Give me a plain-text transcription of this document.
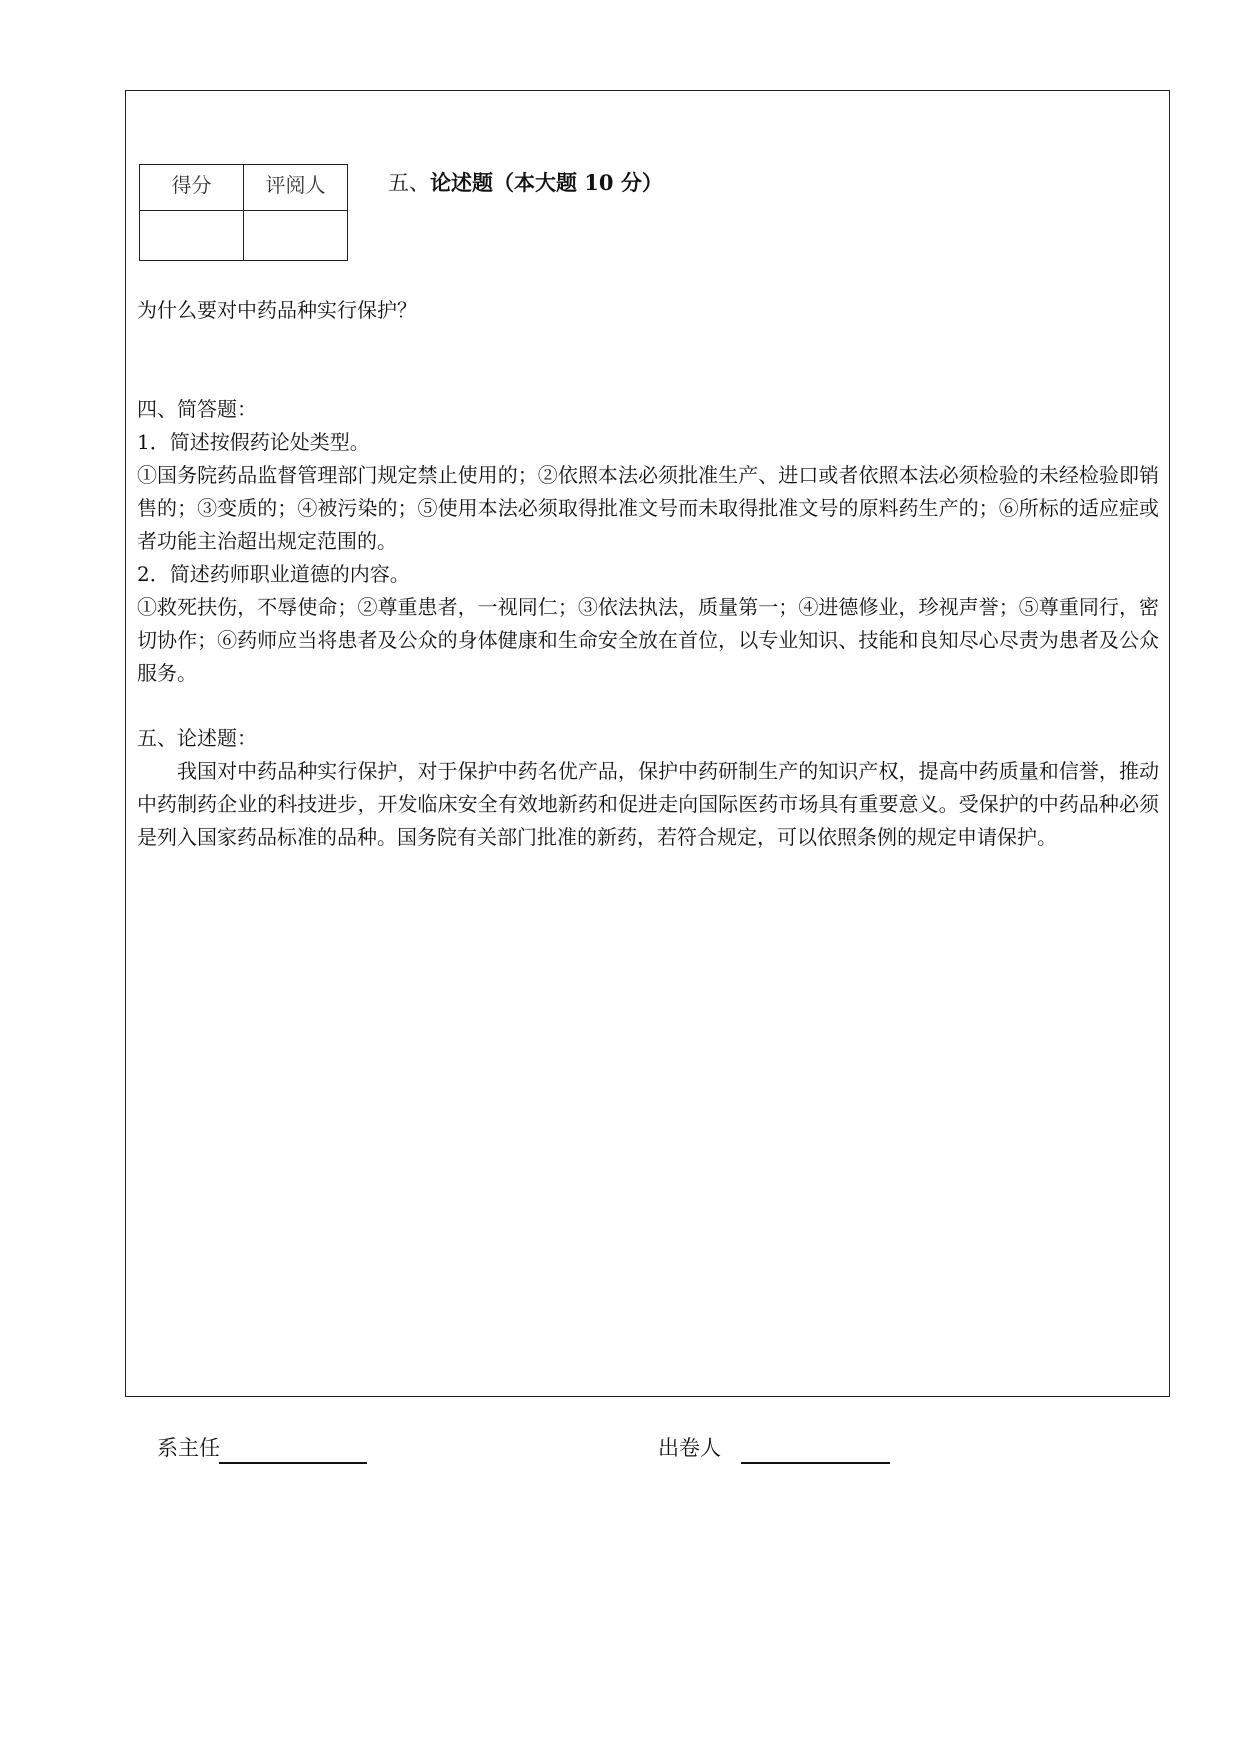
得分	评阅人
		五、论述题（本大题 10 分）
为什么要对中药品种实行保护？
四、简答题：
1．简述按假药论处类型。
①国务院药品监督管理部门规定禁止使用的；②依照本法必须批准生产、进口或者依照本法必须检验的未经检验即销售的；③变质的；④被污染的；⑤使用本法必须取得批准文号而未取得批准文号的原料药生产的；⑥所标的适应症或者功能主治超出规定范围的。
2．简述药师职业道德的内容。
①救死扶伤，不辱使命；②尊重患者，一视同仁；③依法执法，质量第一；④进德修业，珍视声誉；⑤尊重同行，密切协作；⑥药师应当将患者及公众的身体健康和生命安全放在首位，以专业知识、技能和良知尽心尽责为患者及公众服务。
五、论述题：
我国对中药品种实行保护，对于保护中药名优产品，保护中药研制生产的知识产权，提高中药质量和信誉，推动中药制药企业的科技进步，开发临床安全有效地新药和促进走向国际医药市场具有重要意义。受保护的中药品种必须是列入国家药品标准的品种。国务院有关部门批准的新药，若符合规定，可以依照条例的规定申请保护。
系主任	出卷人
